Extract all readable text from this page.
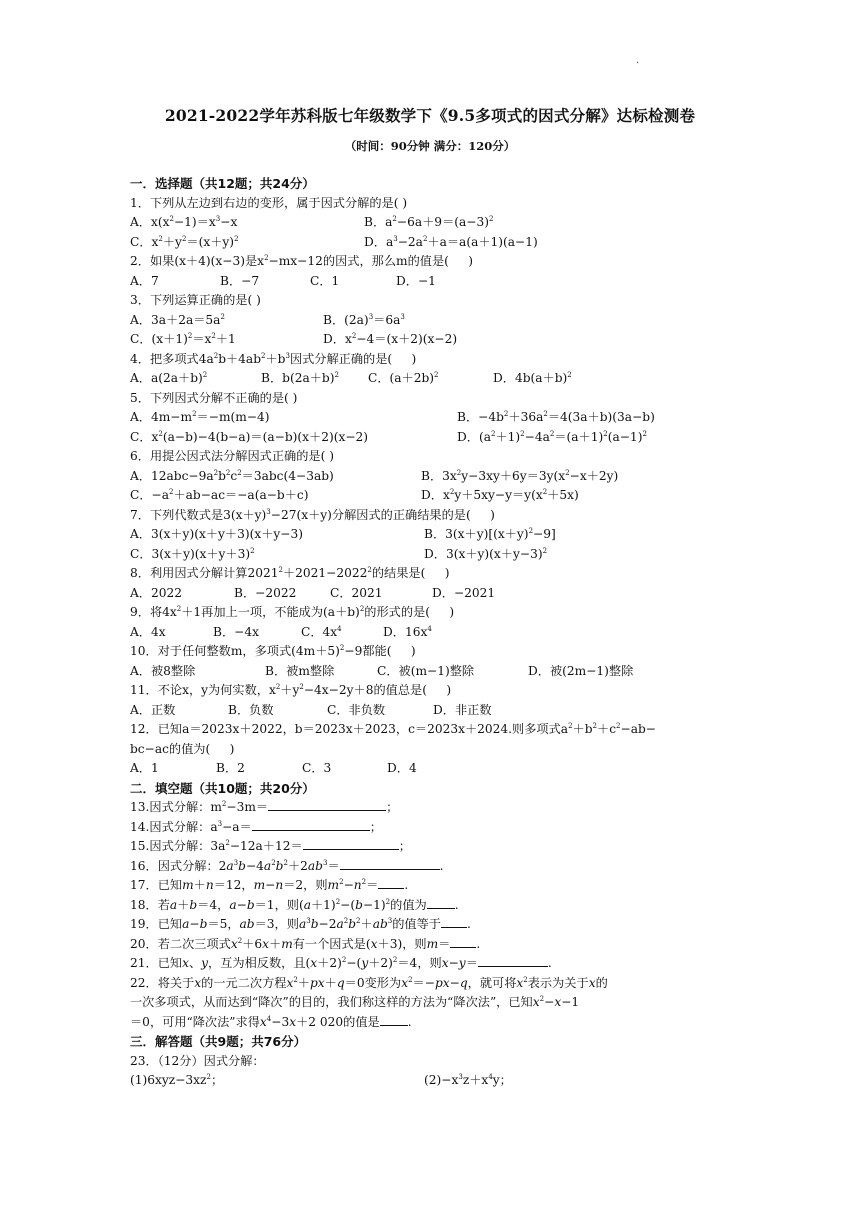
·
2021-2022学年苏科版七年级数学下《9.5多项式的因式分解》达标检测卷
（时间：90分钟 满分：120分）
一．选择题（共12题；共24分）
1．下列从左边到右边的变形，属于因式分解的是( )
A．$x(x^2-1)=x^3-x$	B．$a^2-6a+9=(a-3)^2$
C．$x^2+y^2=(x+y)^2$	D．$a^3-2a^2+a=a(a+1)(a-1)$
2．如果(x＋4)(x−3)是$x^2-mx-12$的因式，那么m的值是(     )
A．7	B．−7	C．1	D．−1
3．下列运算正确的是( )
A．$3a+2a=5a^2$	B．$(2a)^3=6a^3$
C．$(x+1)^2=x^2+1$	D．$x^2-4=(x+2)(x-2)$
4．把多项式$4a^2b+4ab^2+b^3$因式分解正确的是(     )
A．$a(2a+b)^2$	B．$b(2a+b)^2$ C．$(a+2b)^2$	D．$4b(a+b)^2$
5．下列因式分解不正确的是( )
A．$4m-m^2=-m(m-4)$	B．$-4b^2+36a^2=4(3a+b)(3a-b)$
C．$x^2(a-b)-4(b-a)=(a-b)(x+2)(x-2)$	D．$(a^2+1)^2-4a^2=(a+1)^2(a-1)^2$
6．用提公因式法分解因式正确的是( )
A．$12abc-9a^2b^2c^2=3abc(4-3ab)$	B．$3x^2y-3xy+6y=3y(x^2-x+2y)$
C．$-a^2+ab-ac=-a(a-b+c)$	D．$x^2y+5xy-y=y(x^2+5x)$
7．下列代数式是$3(x+y)^3-27(x+y)$分解因式的正确结果的是(     )
A．3(x＋y)(x＋y＋3)(x＋y−3)	B．$3(x+y)[(x+y)^2-9]$
C．$3(x+y)(x+y+3)^2$	D．$3(x+y)(x+y-3)^2$
8．利用因式分解计算$2021^2+2021-2022^2$的结果是(     )
A．2022	B．−2022	C．2021	D．−2021
9．将$4x^2+1$再加上一项，不能成为$(a+b)^2$的形式的是(     )
A．4x	B．−4x	C．$4x^4$	D．$16x^4$
10．对于任何整数m，多项式$(4m+5)^2-9$都能(     )
A．被8整除	B．被m整除	C．被(m−1)整除	D．被(2m−1)整除
11．不论x，y为何实数，$x^2+y^2-4x-2y+8$的值总是(     )
A．正数	B．负数	C．非负数	D．非正数
12．已知a＝2023x＋2022，b＝2023x＋2023，c＝2023x＋2024.则多项式$a^2+b^2+c^2-ab-$
bc−ac的值为(     )
A．1	B．2	C．3	D．4
二．填空题（共10题；共20分）
13.因式分解：$m^2-3m=$	；
14.因式分解：$a^3-a=$	；
15.因式分解：$3a^2-12a+12=$	；
16．因式分解：$2a^3b-4a^2b^2+2ab^3=$	.
17．已知m＋n＝12，m−n＝2，则$m^2-n^2=$ .
18．若a＋b＝4，a−b＝1，则$(a+1)^2-(b-1)^2$的值为 .
19．已知a−b＝5，ab＝3，则$a^3b-2a^2b^2+ab^3$的值等于 .
20．若二次三项式$x^2+6x+m$有一个因式是(x＋3)，则m＝ .
21．已知x、y，互为相反数，且$(x+2)^2-(y+2)^2=4$，则x−y＝	.
22．将关于x的一元二次方程$x^2+px+q=0$变形为$x^2=-px-q$，就可将$x^2$表示为关于x的
一次多项式，从而达到“降次”的目的，我们称这样的方法为“降次法”，已知$x^2-x-1$
＝0，可用“降次法”求得$x^4-3x+2$ 020的值是 .
三．解答题（共9题；共76分）
23．（12分）因式分解：
$(1)6xyz-3xz^2$；	$(2)-x^3z+x^4y$；
